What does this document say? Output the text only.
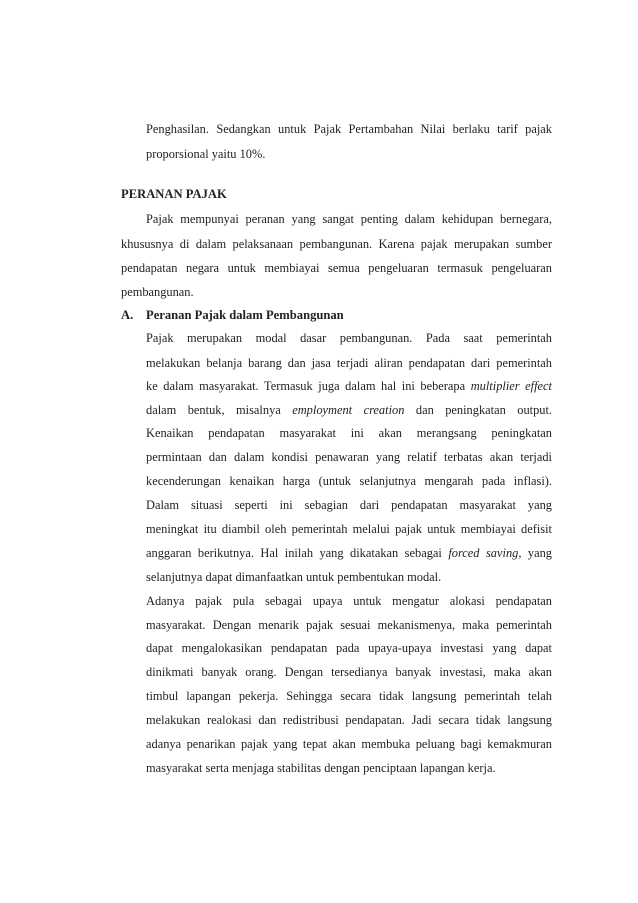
Penghasilan. Sedangkan untuk Pajak Pertambahan Nilai berlaku tarif pajak

proporsional yaitu 10%.

PERANAN PAJAK

Pajak mempunyai peranan yang sangat penting dalam kehidupan bernegara,

khususnya di dalam pelaksanaan pembangunan. Karena pajak merupakan sumber

pendapatan negara untuk membiayai semua pengeluaran termasuk pengeluaran

pembangunan.

A. Peranan Pajak dalam Pembangunan

Pajak merupakan modal dasar pembangunan. Pada saat pemerintah

melakukan belanja barang dan jasa terjadi aliran pendapatan dari pemerintah

ke dalam masyarakat. Termasuk juga dalam hal ini beberapa multiplier effect

dalam bentuk, misalnya employment creation dan peningkatan output.

Kenaikan pendapatan masyarakat ini akan merangsang peningkatan

permintaan dan dalam kondisi penawaran yang relatif terbatas akan terjadi

kecenderungan kenaikan harga (untuk selanjutnya mengarah pada inflasi).

Dalam situasi seperti ini sebagian dari pendapatan masyarakat yang

meningkat itu diambil oleh pemerintah melalui pajak untuk membiayai defisit

anggaran berikutnya. Hal inilah yang dikatakan sebagai forced saving, yang

selanjutnya dapat dimanfaatkan untuk pembentukan modal.

Adanya pajak pula sebagai upaya untuk mengatur alokasi pendapatan

masyarakat. Dengan menarik pajak sesuai mekanismenya, maka pemerintah

dapat mengalokasikan pendapatan pada upaya-upaya investasi yang dapat

dinikmati banyak orang. Dengan tersedianya banyak investasi, maka akan

timbul lapangan pekerja. Sehingga secara tidak langsung pemerintah telah

melakukan realokasi dan redistribusi pendapatan. Jadi secara tidak langsung

adanya penarikan pajak yang tepat akan membuka peluang bagi kemakmuran

masyarakat serta menjaga stabilitas dengan penciptaan lapangan kerja.
